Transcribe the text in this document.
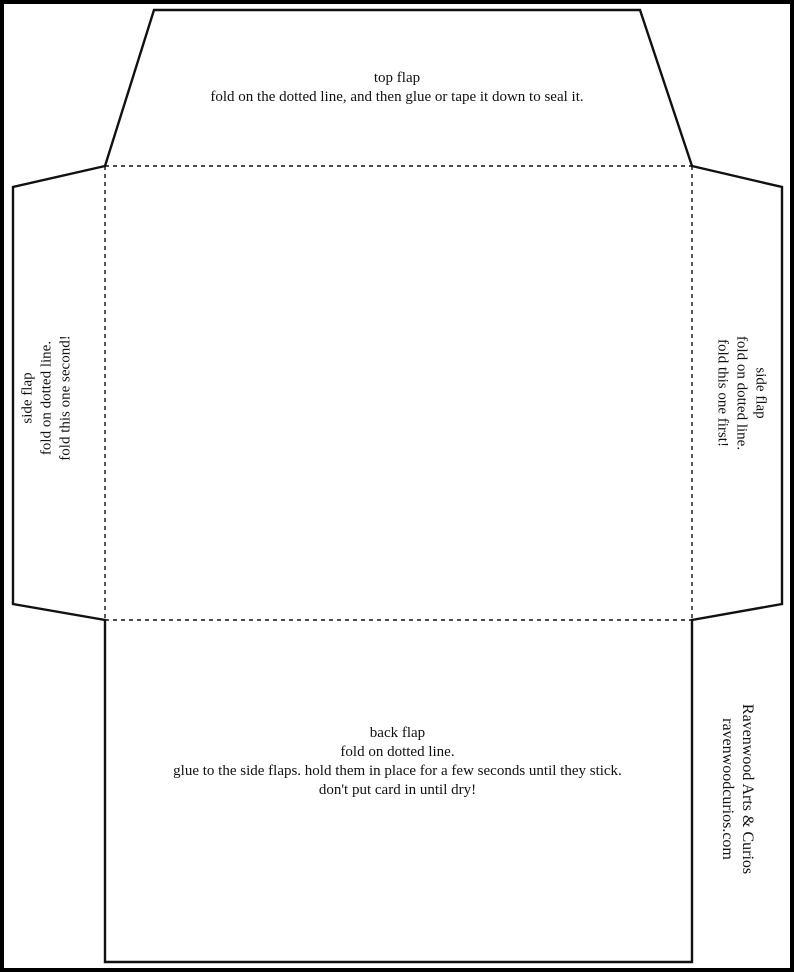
top flap
fold on the dotted line, and then glue or tape it down to seal it.
side flap fold on dotted line. fold this one second!	side flap
fold on dotted line.
fold this one first!
back flap
fold on dotted line.
glue to the side flaps. hold them in place for a few seconds until they stick.
don't put card in until dry!	Ravenwood Arts & Curios
ravenwoodcurios.com
